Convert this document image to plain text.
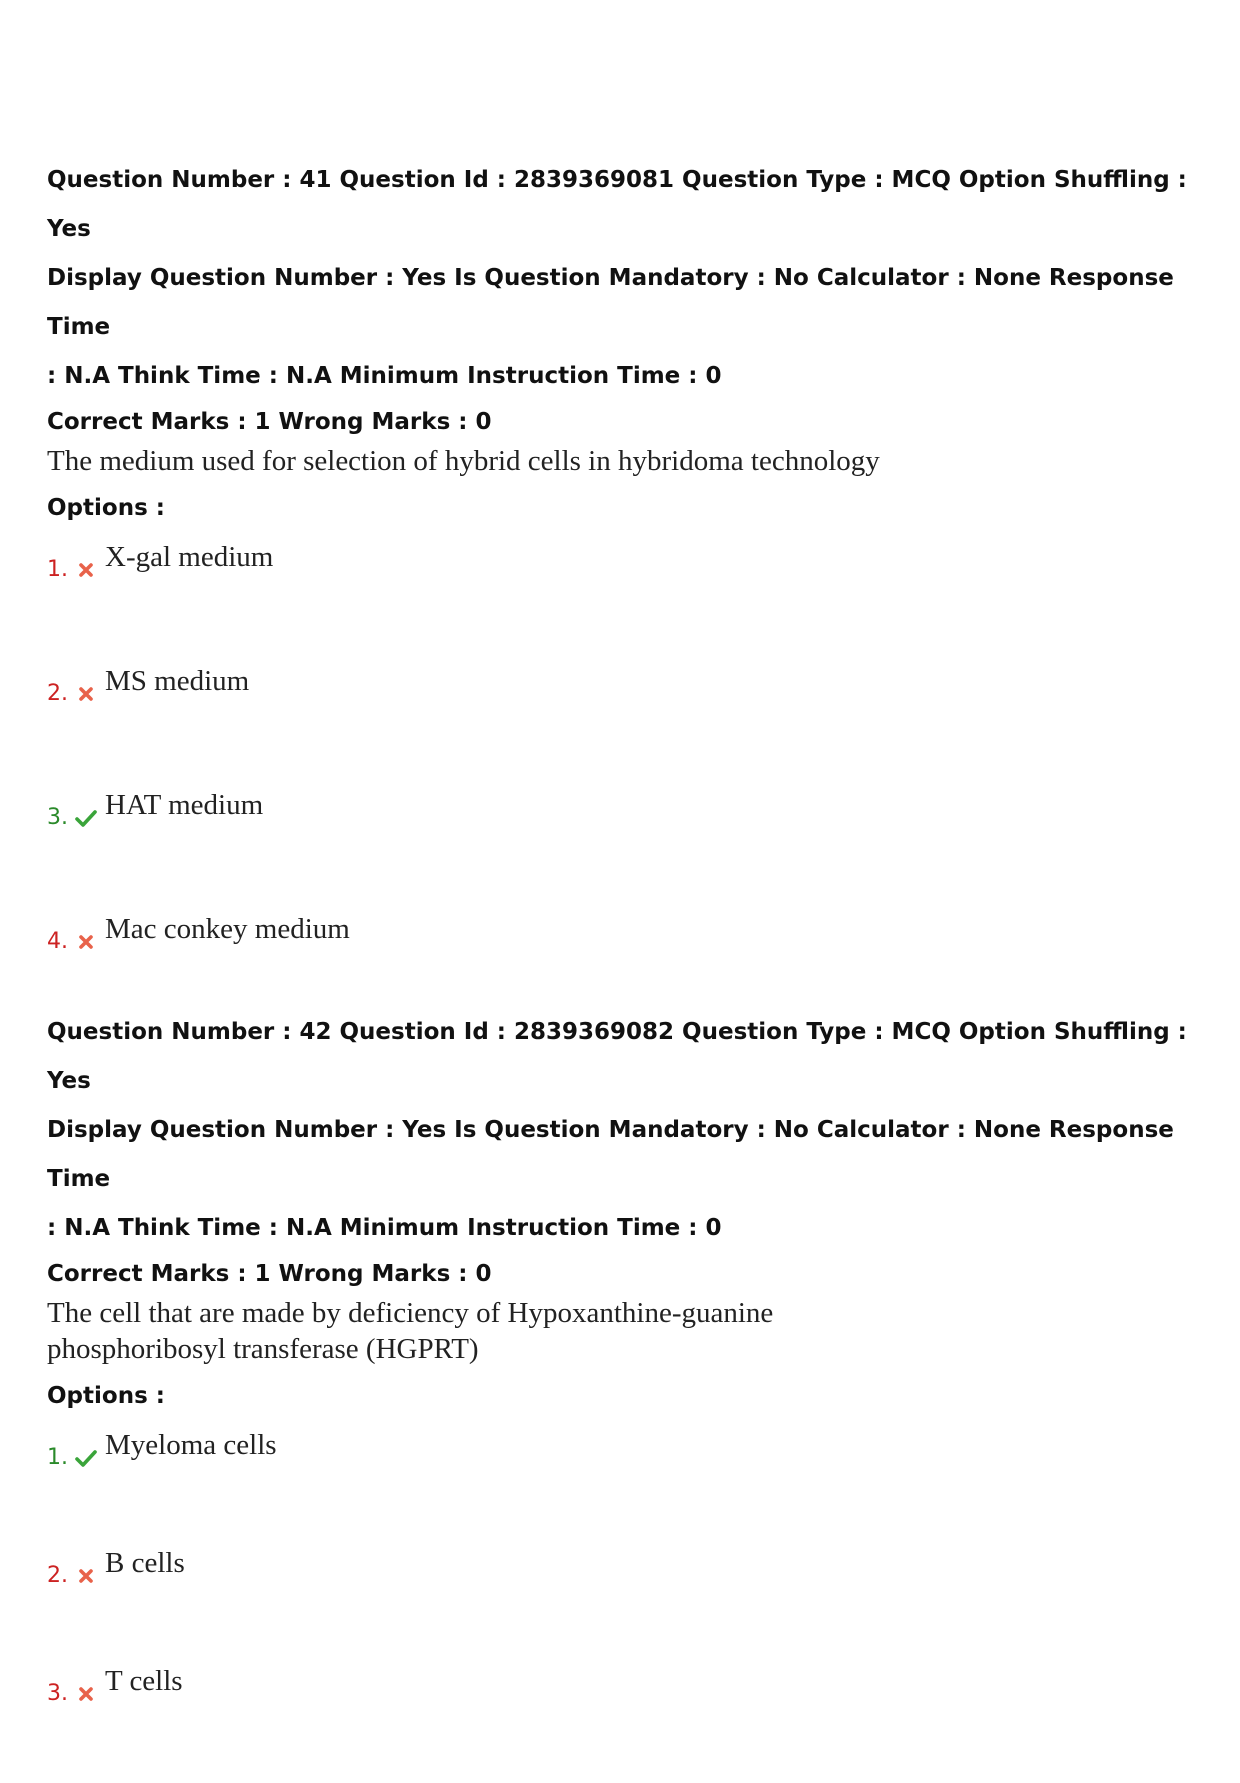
Question Number : 41 Question Id : 2839369081 Question Type : MCQ Option Shuffling : Yes
Display Question Number : Yes Is Question Mandatory : No Calculator : None Response Time
: N.A Think Time : N.A Minimum Instruction Time : 0
Correct Marks : 1 Wrong Marks : 0
The medium used for selection of hybrid cells in hybridoma technology
Options :
1. X-gal medium
2. MS medium
3. HAT medium
4. Mac conkey medium
Question Number : 42 Question Id : 2839369082 Question Type : MCQ Option Shuffling : Yes
Display Question Number : Yes Is Question Mandatory : No Calculator : None Response Time
: N.A Think Time : N.A Minimum Instruction Time : 0
Correct Marks : 1 Wrong Marks : 0
The cell that are made by deficiency of Hypoxanthine-guanine
phosphoribosyl transferase (HGPRT)
Options :
1. Myeloma cells
2. B cells
3. T cells
